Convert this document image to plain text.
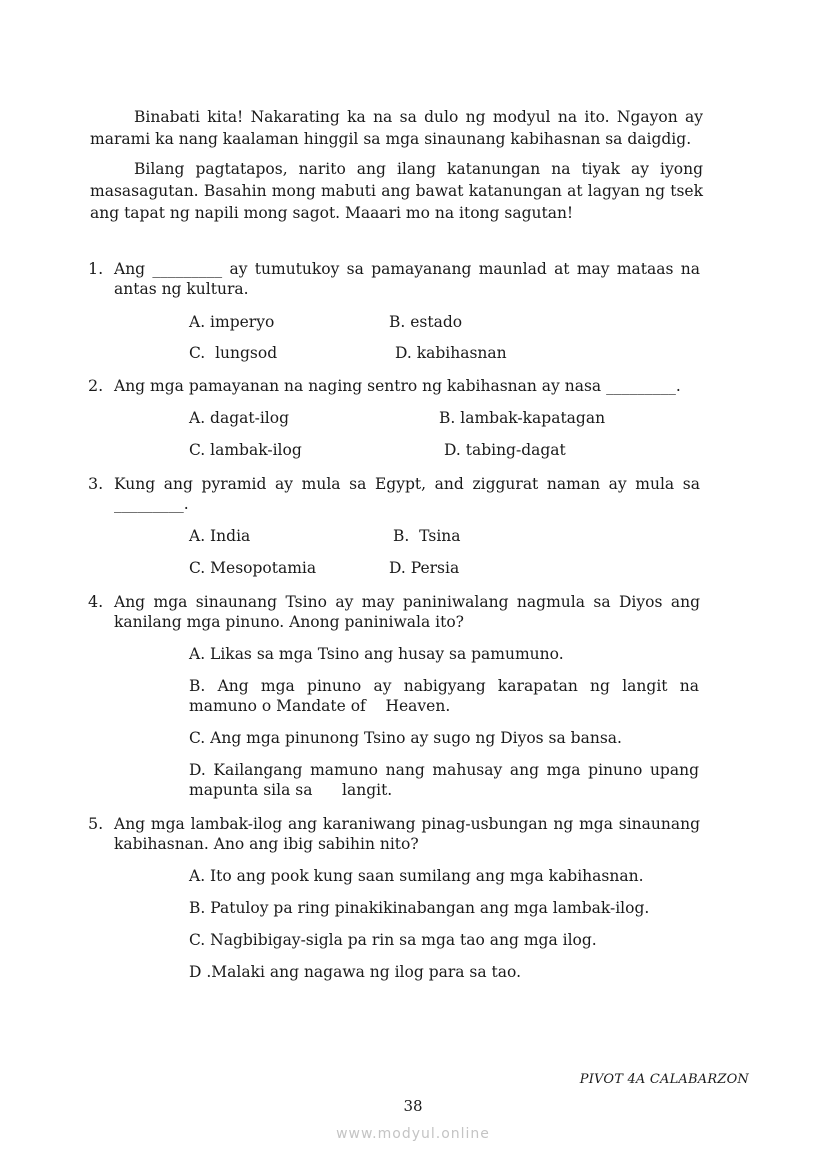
Binabati kita! Nakarating ka na sa dulo ng modyul na ito. Ngayon ay marami ka nang kaalaman hinggil sa mga sinaunang kabihasnan sa daigdig.

Bilang pagtatapos, narito ang ilang katanungan na tiyak ay iyong masasagutan. Basahin mong mabuti ang bawat katanungan at lagyan ng tsek ang tapat ng napili mong sagot. Maaari mo na itong sagutan!

1. Ang _________ ay tumutukoy sa pamayanang maunlad at may mataas na antas ng kultura.

A. imperyo	B. estado
C.  lungsod	D. kabihasnan
2. Ang mga pamayanan na naging sentro ng kabihasnan ay nasa _________.

A. dagat-ilog	B. lambak-kapatagan
C. lambak-ilog	D. tabing-dagat
3. Kung ang pyramid ay mula sa Egypt, and ziggurat naman ay mula sa _________.

A. India	B.  Tsina
C. Mesopotamia	D. Persia
4. Ang mga sinaunang Tsino ay may paniniwalang nagmula sa Diyos ang kanilang mga pinuno. Anong paniniwala ito?

A. Likas sa mga Tsino ang husay sa pamumuno.

B. Ang mga pinuno ay nabigyang karapatan ng langit na mamuno o Mandate of    Heaven.

C. Ang mga pinunong Tsino ay sugo ng Diyos sa bansa.

D. Kailangang mamuno nang mahusay ang mga pinuno upang mapunta sila sa      langit.

5. Ang mga lambak-ilog ang karaniwang pinag-usbungan ng mga sinaunang kabihasnan. Ano ang ibig sabihin nito?

A. Ito ang pook kung saan sumilang ang mga kabihasnan.
B. Patuloy pa ring pinakikinabangan ang mga lambak-ilog.
C. Nagbibigay-sigla pa rin sa mga tao ang mga ilog.
D .Malaki ang nagawa ng ilog para sa tao.
PIVOT 4A CALABARZON
38
www.modyul.online
